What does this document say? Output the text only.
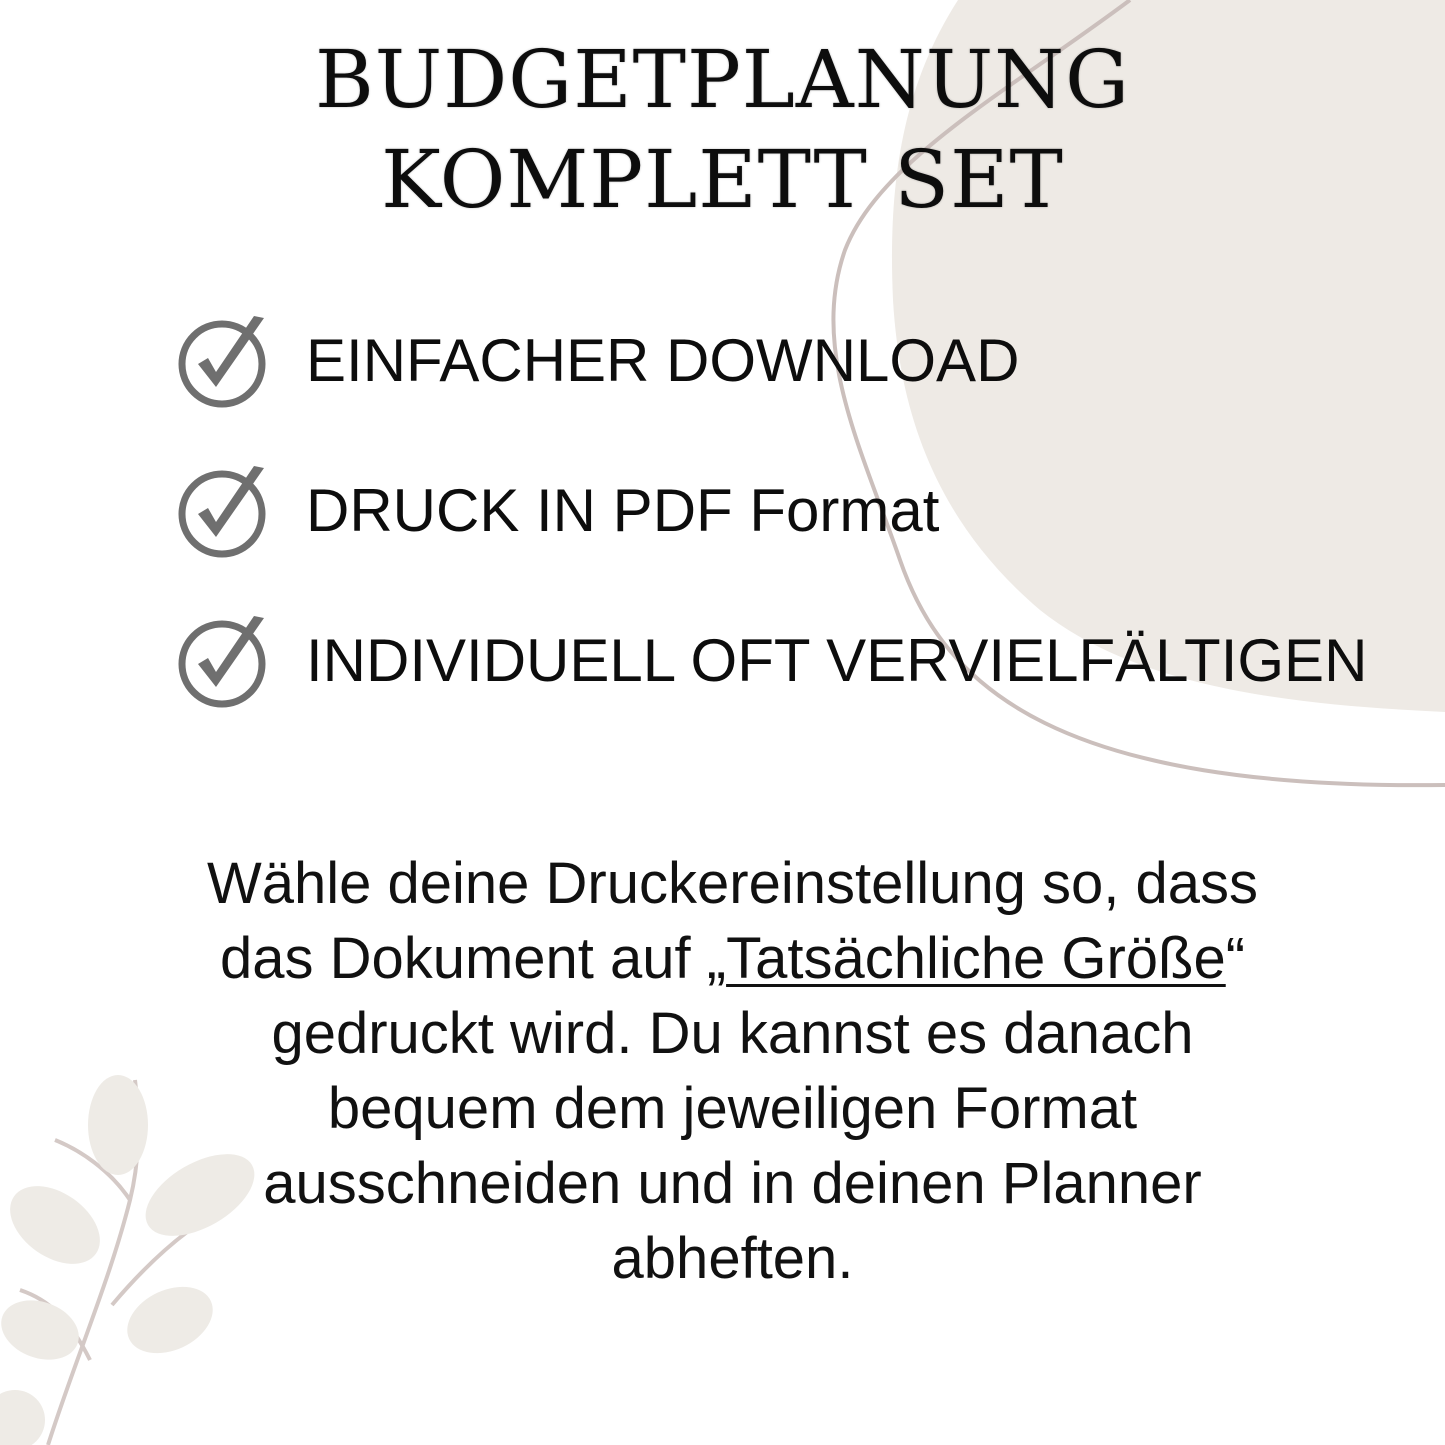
BUDGETPLANUNG
KOMPLETT SET
EINFACHER DOWNLOAD
DRUCK IN PDF Format
INDIVIDUELL OFT VERVIELFÄLTIGEN
Wähle deine Druckereinstellung so, dass
das Dokument auf „Tatsächliche Größe“
gedruckt wird. Du kannst es danach
bequem dem jeweiligen Format
ausschneiden und in deinen Planner
abheften.
